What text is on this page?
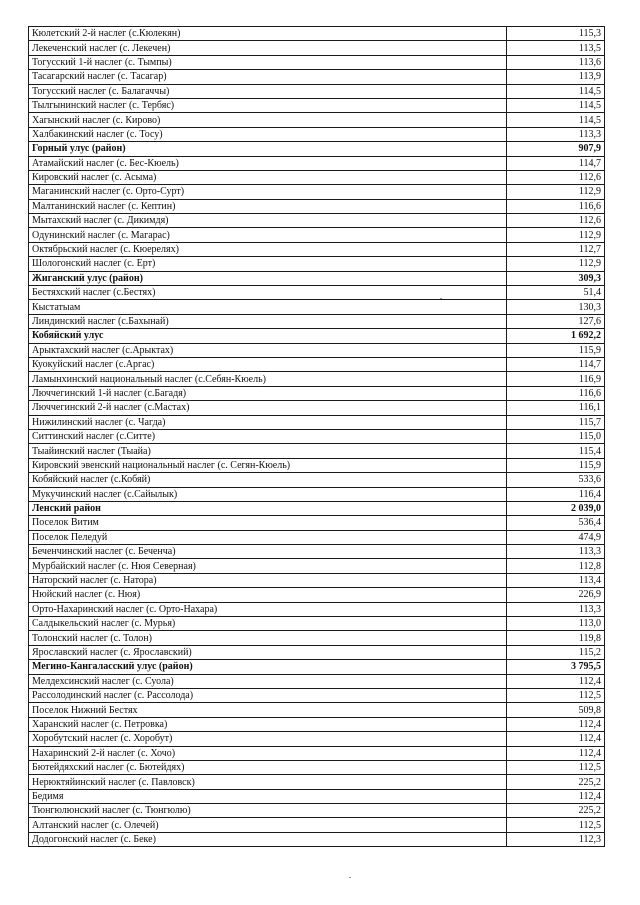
Кюлетский 2-й наслег (с.Кюлекян)	115,3
Лекеченский наслег (с. Лекечен)	113,5
Тогусский 1-й наслег (с. Тымпы)	113,6
Тасагарский наслег (с. Тасагар)	113,9
Тогусский наслег (с. Балагаччы)	114,5
Тылгынинский наслег (с. Тербяс)	114,5
Хагынский наслег (с. Кирово)	114,5
Халбакинский наслег (с. Тосу)	113,3
Горный улус (район)	907,9
Атамайский наслег (с. Бес-Кюель)	114,7
Кировский наслег (с. Асыма)	112,6
Маганинский наслег (с. Орто-Сурт)	112,9
Малтанинский наслег (с. Кептин)	116,6
Мытахский наслег (с. Дикимдя)	112,6
Одунинский наслег (с. Магарас)	112,9
Октябрьский наслег (с. Кюерелях)	112,7
Шологонский наслег (с. Ерт)	112,9
Жиганский улус (район)	309,3
Бестяхский наслег (с.Бестях)	51,4
Кыстатыам	130,3
Линдинский наслег (с.Бахынай)	127,6
Кобяйский улус	1 692,2
Арыктахский наслег (с.Арыктах)	115,9
Куокуйский наслег (с.Аргас)	114,7
Ламынхинский национальный наслег (с.Себян-Кюель)	116,9
Люччегинский 1-й наслег (с.Багадя)	116,6
Люччегинский 2-й наслег (с.Мастах)	116,1
Нижилинский наслег (с. Чагда)	115,7
Ситтинский наслег (с.Ситте)	115,0
Тыайинский наслег (Тыайа)	115,4
Кировский эвенский национальный наслег (с. Сегян-Кюель)	115,9
Кобяйский наслег (с.Кобяй)	533,6
Мукучинский наслег (с.Сайылык)	116,4
Ленский район	2 039,0
Поселок Витим	536,4
Поселок Пеледуй	474,9
Беченчинский наслег (с. Беченча)	113,3
Мурбайский наслег (с. Нюя Северная)	112,8
Наторский наслег (с. Натора)	113,4
Нюйский наслег (с. Нюя)	226,9
Орто-Нахаринский наслег (с. Орто-Нахара)	113,3
Салдыкельский наслег (с. Мурья)	113,0
Толонский наслег (с. Толон)	119,8
Ярославский наслег (с. Ярославский)	115,2
Мегино-Кангаласский улус (район)	3 795,5
Мелдехсинский наслег (с. Суола)	112,4
Рассолодинский наслег (с. Рассолода)	112,5
Поселок Нижний Бестях	509,8
Харанский наслег (с. Петровка)	112,4
Хоробутский наслег (с. Хоробут)	112,4
Нахаринский 2-й наслег (с. Хочо)	112,4
Бютейдяхский наслег (с. Бютейдях)	112,5
Нерюктяйинский наслег (с. Павловск)	225,2
Бедимя	112,4
Тюнгюлюнский наслег (с. Тюнгюлю)	225,2
Алтанский наслег (с. Олечей)	112,5
Додогонский наслег (с. Беке)	112,3
